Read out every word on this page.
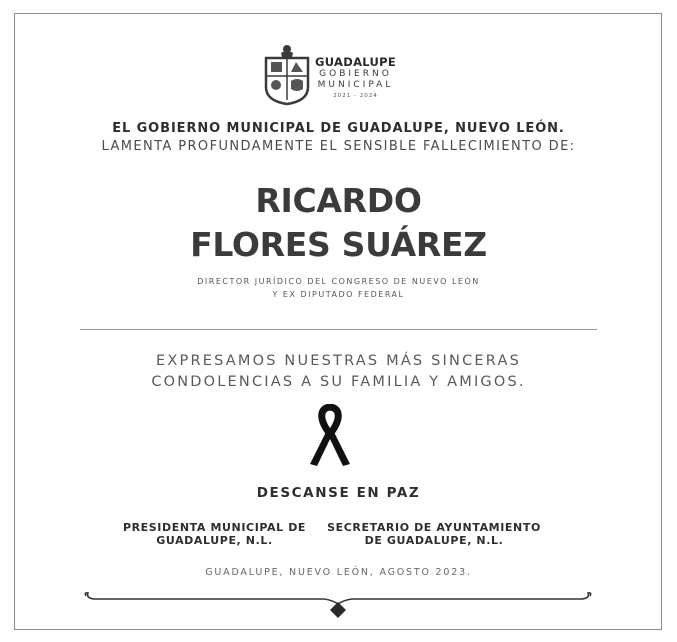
GUADALUPE
GOBIERNO
MUNICIPAL
2021 - 2024
EL GOBIERNO MUNICIPAL DE GUADALUPE, NUEVO LEÓN.
LAMENTA PROFUNDAMENTE EL SENSIBLE FALLECIMIENTO DE:
RICARDO
FLORES SUÁREZ
DIRECTOR JURÍDICO DEL CONGRESO DE NUEVO LEÓN
Y EX DIPUTADO FEDERAL
EXPRESAMOS NUESTRAS MÁS SINCERAS
CONDOLENCIAS A SU FAMILIA Y AMIGOS.
DESCANSE EN PAZ
PRESIDENTA MUNICIPAL DE
GUADALUPE, N.L.
SECRETARIO DE AYUNTAMIENTO
DE GUADALUPE, N.L.
GUADALUPE, NUEVO LEÓN, AGOSTO 2023.
